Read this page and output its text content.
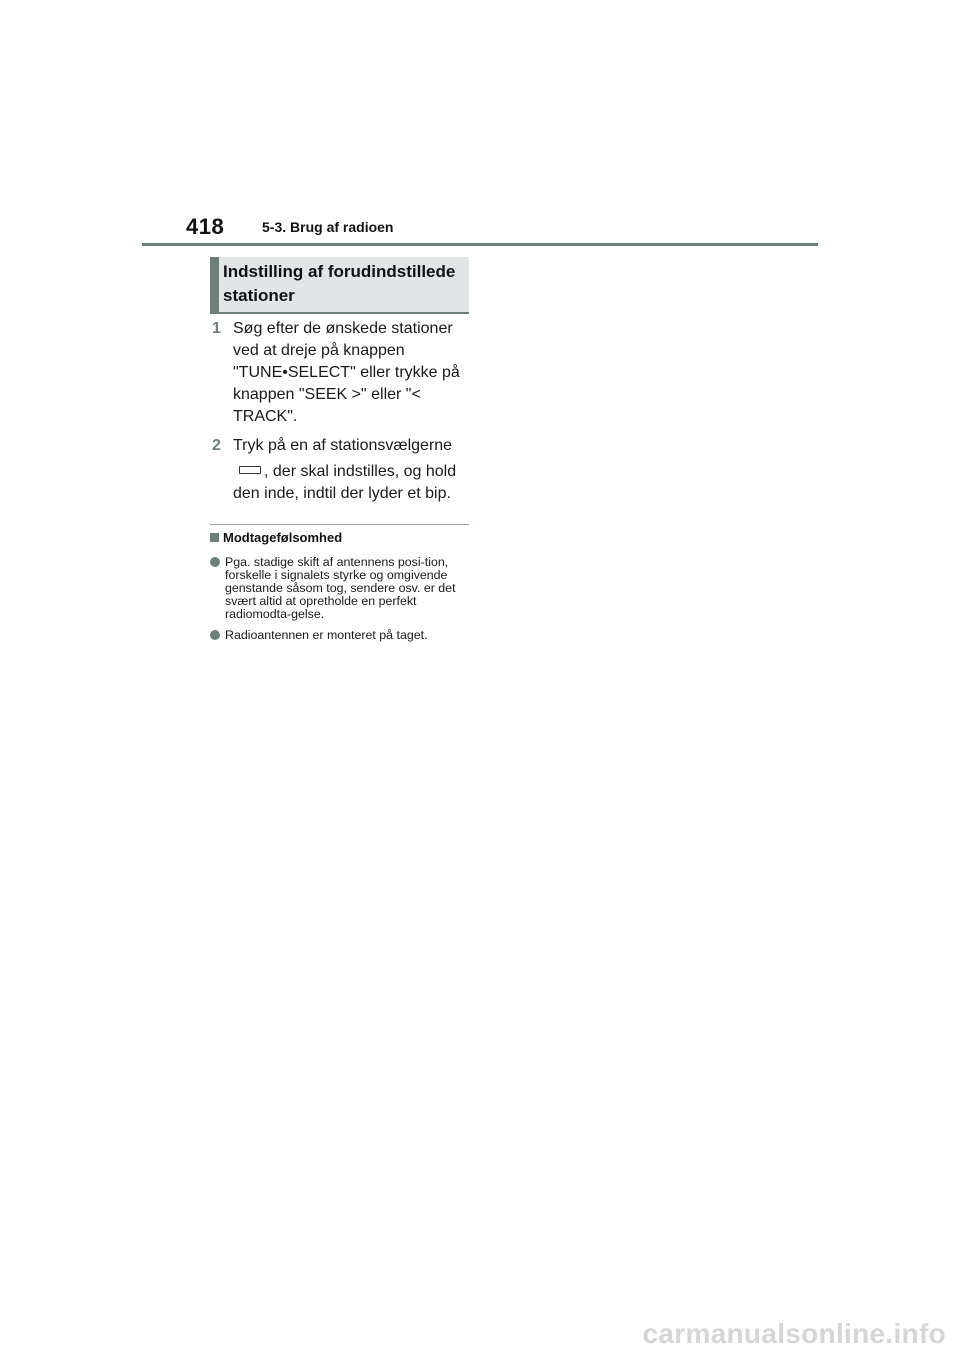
418	5-3. Brug af radioen
Indstilling af forudindstillede stationer
1 Søg efter de ønskede stationer ved at dreje på knappen "TUNE•SELECT" eller trykke på knappen "SEEK >" eller "< TRACK".
2 Tryk på en af stationsvælgerne
, der skal indstilles, og hold den inde, indtil der lyder et bip.
Modtagefølsomhed
Pga. stadige skift af antennens posi-tion, forskelle i signalets styrke og omgivende genstande såsom tog, sendere osv. er det svært altid at opretholde en perfekt radiomodta-gelse.
Radioantennen er monteret på taget.
carmanualsonline.info
